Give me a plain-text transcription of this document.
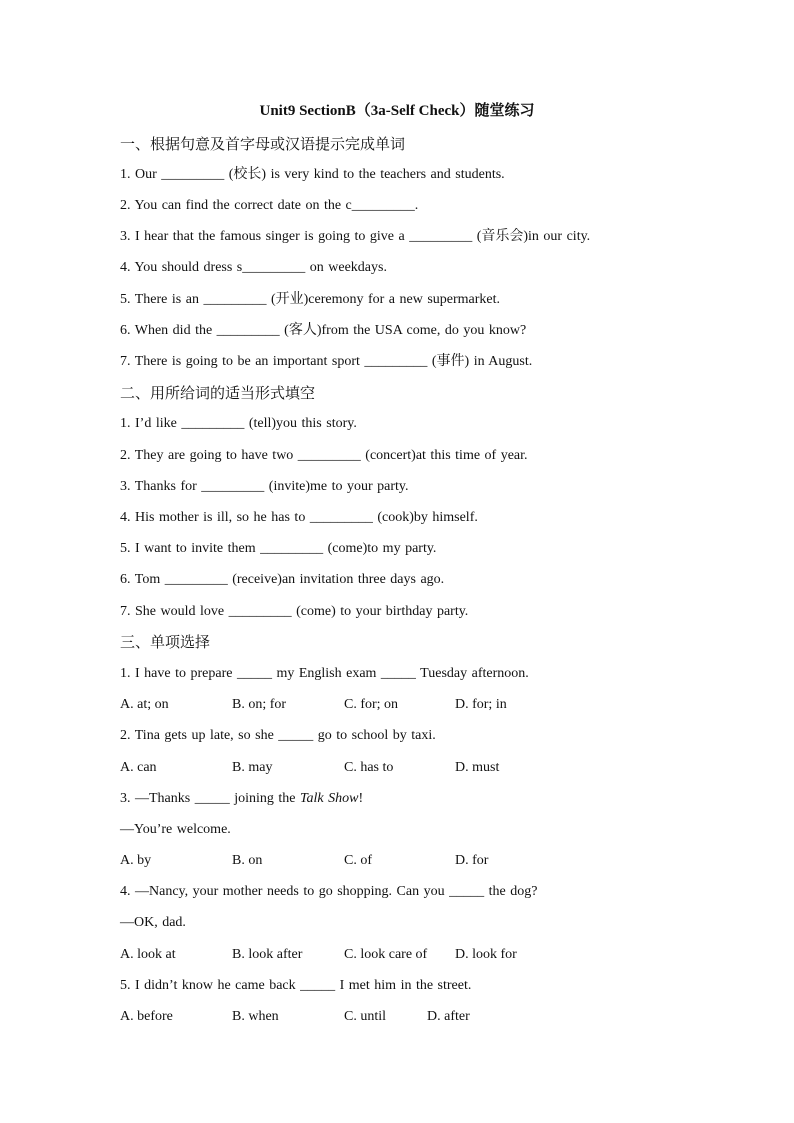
Unit9 SectionB（3a-Self Check）随堂练习
一、根据句意及首字母或汉语提示完成单词
1. Our _________ (校长) is very kind to the teachers and students.
2. You can find the correct date on the c_________.
3. I hear that the famous singer is going to give a _________ (音乐会)in our city.
4. You should dress s_________ on weekdays.
5. There is an _________ (开业)ceremony for a new supermarket.
6. When did the _________ (客人)from the USA come, do you know?
7. There is going to be an important sport _________ (事件) in August.
二、用所给词的适当形式填空
1. I’d like _________ (tell)you this story.
2. They are going to have two _________ (concert)at this time of year.
3. Thanks for _________ (invite)me to your party.
4. His mother is ill, so he has to _________ (cook)by himself.
5. I want to invite them _________ (come)to my party.
6. Tom _________ (receive)an invitation three days ago.
7. She would love _________ (come) to your birthday party.
三、单项选择
1. I have to prepare _____ my English exam _____ Tuesday afternoon.
A. at; on	B. on; for	C. for; on	D. for; in
2. Tina gets up late, so she _____ go to school by taxi.
A. can	B. may	C. has to	D. must
3. —Thanks _____ joining the Talk Show!
—You’re welcome.
A. by	B. on	C. of	D. for
4. —Nancy, your mother needs to go shopping. Can you _____ the dog?
—OK, dad.
A. look at	B. look after	C. look care of D. look for
5. I didn’t know he came back _____ I met him in the street.
A. before	B. when	C. until	D. after
